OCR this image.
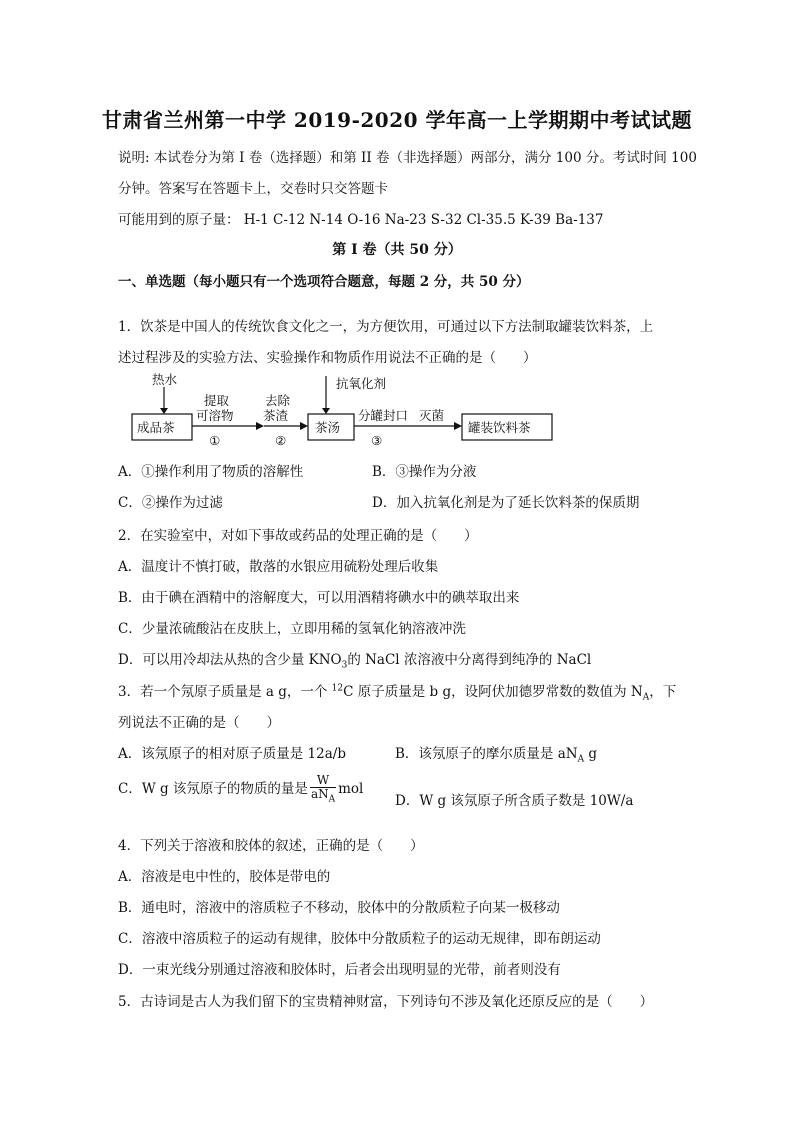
甘肃省兰州第一中学 2019-2020 学年高一上学期期中考试试题
说明: 本试卷分为第 I 卷（选择题）和第 II 卷（非选择题）两部分，满分 100 分。考试时间 100
分钟。答案写在答题卡上，交卷时只交答题卡
可能用到的原子量： H-1 C-12 N-14 O-16 Na-23 S-32 Cl-35.5 K-39 Ba-137
第 I 卷（共 50 分）
一、单选题（每小题只有一个选项符合题意，每题 2 分，共 50 分）
1．饮茶是中国人的传统饮食文化之一，为方便饮用，可通过以下方法制取罐装饮料茶，上
述过程涉及的实验方法、实验操作和物质作用说法不正确的是（　　）
热水
成品茶
提取
可溶物
①
去除
茶渣
②
抗氧化剂
茶汤
分罐封口 灭菌
③
罐装饮料茶
A．①操作利用了物质的溶解性	B．③操作为分液
C．②操作为过滤	D．加入抗氧化剂是为了延长饮料茶的保质期
2．在实验室中，对如下事故或药品的处理正确的是（　　）
A．温度计不慎打破，散落的水银应用硫粉处理后收集
B．由于碘在酒精中的溶解度大，可以用酒精将碘水中的碘萃取出来
C．少量浓硫酸沾在皮肤上，立即用稀的氢氧化钠溶液冲洗
D．可以用冷却法从热的含少量 $KNO_3$的 NaCl 浓溶液中分离得到纯净的 NaCl
3．若一个氖原子质量是 a g，一个 $^{12}$C 原子质量是 b g，设阿伏加德罗常数的数值为 $N_A$，下
列说法不正确的是（　　）
A．该氖原子的相对原子质量是 12a/b	B．该氖原子的摩尔质量是 $aN_A$ g
C．W g 该氖原子的物质的量是 $\frac{W}{aN_A}$ mol
D．W g 该氖原子所含质子数是 10W/a
4．下列关于溶液和胶体的叙述，正确的是（　　）
A．溶液是电中性的，胶体是带电的
B．通电时，溶液中的溶质粒子不移动，胶体中的分散质粒子向某一极移动
C．溶液中溶质粒子的运动有规律，胶体中分散质粒子的运动无规律，即布朗运动
D．一束光线分别通过溶液和胶体时，后者会出现明显的光带，前者则没有
5．古诗词是古人为我们留下的宝贵精神财富，下列诗句不涉及氧化还原反应的是（　　）
